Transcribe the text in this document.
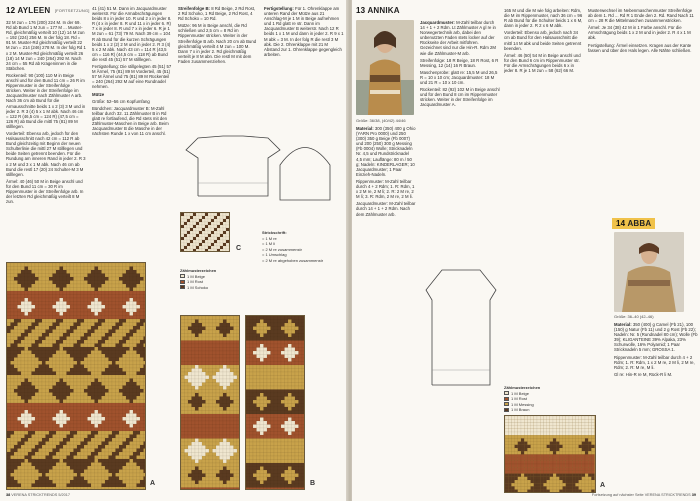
12 AYLEEN [FORTSETZUNG]

32 M zun = 176 (200) 224 M. In der 69. Rd ab Bund 1 M zun = 177 M ... Muster-Rd, gleichmäßig verteilt 10 (12) 14 M zun = 192 (224) 256 M. In der folg 18. Rd = 91 M. Muster-Rd gleichmäßig verteilt 22 M zun = 214 (246) 278 M. In der folg Rd 1 x 2 M. Muster-Rd gleichmäßig verteilt 26 (18) 14 M zun = 240 (264) 292 M. Nach 24 cm = 55 Rd ab Krageninnen in die Stäbchen.

Rückenteil: 90 (100) 110 M in Beige anschl und für den Bund 11 cm = 26 R im Rippenmuster in der Streifenfolge stricken. Weiter in der Streifenfolge im Jacquardmuster nach Zählmuster A arb. Nach 36 cm ab Bund für die Armausschnitte beids 1 x 2 (3) 3 M und in jeder 2. R 3 (4) 5 x 1 M abk. Nach 46 cm = 122 R (46,5 cm = 124 R) (47,5 cm = 126 R) ab Bund die mittl 75 (81) 89 M stilllegen.

Vorderteil: Ebenso arb, jedoch für den Halsausschnitt nach 42 cm = 112 R ab Bund gleichzeitig mit Beginn der neuen Schulterlinie die mittl 27 M stilllegen und beide Seiten getrennt beenden. Für die Rundung am inneren Rand in jeder 2. R 3 x 2 M und 3 x 1 M abk. Nach 46 cm ab Bund die restl 17 (20) 24 Schulter-M 3 M stilllegen.

Ärmel: 40 (46) 50 M in Beige anschl und für den Bund 11 cm = 30 R im Rippenmuster in der Streifenfolge arb. In der letzten Rd gleichmäßig verteilt 8 M zun.

41 (41) 51 M. Dann im Jacquardmuster weiterstr. Für die Armabschrägungen beids 8 x in jeder 10. R und 2 x in jeder 8. R (4 x in jeder 8. R und 11 x in jeder 6. R) 7 x in jeder 8. R und 7 x in jeder 6. R je 1 M zun = 61 (73) 79 M. Nach 39 cm = 104 R ab Bund für die kurzen Schrägungen beids 1 x 2 (2) 2 M und in jeder 2. R 3 (4) 5 x 2 M abk. Nach 43 cm = 114 R (43,5 cm = 116 R) (44,5 cm = 118 R) ab Bund die restl 45 (51) 57 M stilllegen.

Fertigstellung: Die stillgelegten 45 (51) 57 M Ärmel, 75 (81) 89 M Vorderteil, 45 (51) 57 M Ärmel und 75 (81) 89 M Rückenteil = 240 (264) 292 M auf eine Rundnadel nehmen.

Mütze

Größe: 52–56 cm Kopfumfang

Bündchen: Jacquardmuster B: M-Zahl teilbar durch 32. 11 Zählmuster B in Rd glatt re fortlaufend, die Rd stets mit den Zählmuster-Maschen in Beige arb. Beim Jacquardmuster B die Masche in der nächsten Runde 1 x von 11 cm anschl.

Streifenfolge B: 8 Rd Beige, 2 Rd Rost, 2 Rd Schoko, 1 Rd Beige, 2 Rd Rost, 4 Rd Schoko = 10 Rd.

Mütze: 96 M in Beige anschl, die Rd schließen und 2,5 cm = 8 Rd im Rippenmuster stricken. Weiter in der Streifenfolge B arb. Nach 20 cm ab Bund gleichmäßig verteilt 4 M zun = 100 M. Dann 7 x in jeder 2. Rd gleichmäßig verteilt je 8 M abn. Die restl M mit dem Faden zusammenziehen.

Fertigstellung: Für 1. Ohrenklappe am unteren Rand der Mütze aus 21 Anschlag-M je 1 M in Beige aufnehmen und 1 Rd glatt re str. Dann im Jacquardmuster B weiterstr. Nach 12 R beids 1 x 1 M und dann in jeder 2. R 9 x 1 M abk = 3 M. In der folg R die restl 3 M abk. Die 2. Ohrenklappe mit 21 M Abstand zur 1. Ohrenklappe gegengleich arbeiten.

C
Zählmusterzeichen
1 M Beige
1 M Rost
1 M Schoko
Strickschrift:
= 1 M re
= 1 M li
= 2 M re zusammenstr
= 1 Umschlag
= 2 M re abgehoben zusammenstr
A	B
38 VERENA STRICKTRENDS 5/2017
13 ANNIKA
Größe: 36/38, (40/42) 44/46

Material: 300 (350) 400 g Ohio (YARN Pro 0000) und 250 (300) 350 g Beige (Fb 0007) und 200 (250) 300 g Messing (Fb 0004) Wolle; Stricknadeln Nr. 4,5 und Rundstricknadel 4,5 mm; Lauflänge: 80 m / 50 g; Nadeln: KINDERLAGER; 10 Jacquardmuster; 1 Paar Einzieh-Nadeln.

Rippenmuster: M-Zahl teilbar durch 4 + 2 Rdm; 1. R: Rdm, 1 x 2 M re, 2 M li; 2. R: 2 M re, 2 M li; 3. R: Rdm, 2 M re, 2 M li.

Jacquardmuster: M-Zahl teilbar durch 14 + 1 + 2 Rdm. Nach dem Zählmuster arb.

Jacquardmuster: M-Zahl teilbar durch 14 + 1 + 2 Rdm. Lt Zählmuster A gl re in Norwegertechnik arb, dabei den unbenutzten Faden stets locker auf der Rückseite der Arbeit mitführen. Gezeichnet sind nur die Hin-R. Rdm 2M wie die Zählmuster-M arb.

Streifenfolge: 18 R Beige, 18 R Rost, 6 R Messing, 12 (14) 16 R Braun.

Maschenprobe: glatt re: 15,5 M und 26,5 R = 10 x 10 cm; Jacquardmuster: 18 M und 21 R = 10 x 10 cm.

Rückenteil: 82 (92) 102 M in Beige anschl und für den Bund 8 cm im Rippenmuster stricken. Weiter in der Streifenfolge im Jacquardmuster A.

165 M und die M wie folg arbeiten: Rdm, die M im Rippenmuster, nach 36 cm = 96 R ab Bund für die Schulter beids 1 x 6 M, dann in jeder 2. R 2 x 6 M abk.

Vorderteil: Ebenso arb, jedoch nach 34 cm ab Bund für den Halsausschnitt die mittl 14 M abk und beide Seiten getrennt beenden.

Ärmel: 46 (50) 54 M in Beige anschl und für den Bund 6 cm im Rippenmuster str. Für die Armschrägungen beids 6 x in jeder 8. R je 1 M zun = 58 (62) 66 M.

Musterwechsel im Nebenmaschenmuster Streifenfolge ab dem 1. Rd ... Rd R 1 Ende den 2. Rd. Rand Nach 11 cm = 28 R die Mittelmaschen zusammenstricken.

Ärmel: Je 34 (38) 42 M in 1 Farbe anschl. Für die Armschrägung beids 1 x 2 M und in jeder 2. R 4 x 1 M abk.

Fertigstellung: Ärmel einsetzen. Kragen aus der Kante fassen und über den Hals legen. Alle Nähte schließen.

14 ABBA
Größe: 36–40 (42–46)

Material: 350 (400) g Camel (Fb 21), 100 (150) g Natur (Fb 11) und 2 g Rost (Fb 22); Nadeln: Nr. 5 (Rundnadel 80 cm); Wolle (Fb 39); KLIGANTEINE 39% Alpaka, 23% Schurwolle, 16% Polyamid; 1 Paar Stricknadeln 5 mm; GROSSA 1.

Rippenmuster: M-Zahl teilbar durch 4 + 2 Rdm; 1. R: Rdm, 1 x 2 M re, 2 M li, 2 M re, Rdm; 2. R: M re, M li.

Gl re: Hin-R re M, Rück-R li M.

Zählmusterzeichen
1 M Beige
1 M Rost
1 M Messing
1 M Braun
A
Fortsetzung auf nächster Seite VERENA STRICKTRENDS 39
